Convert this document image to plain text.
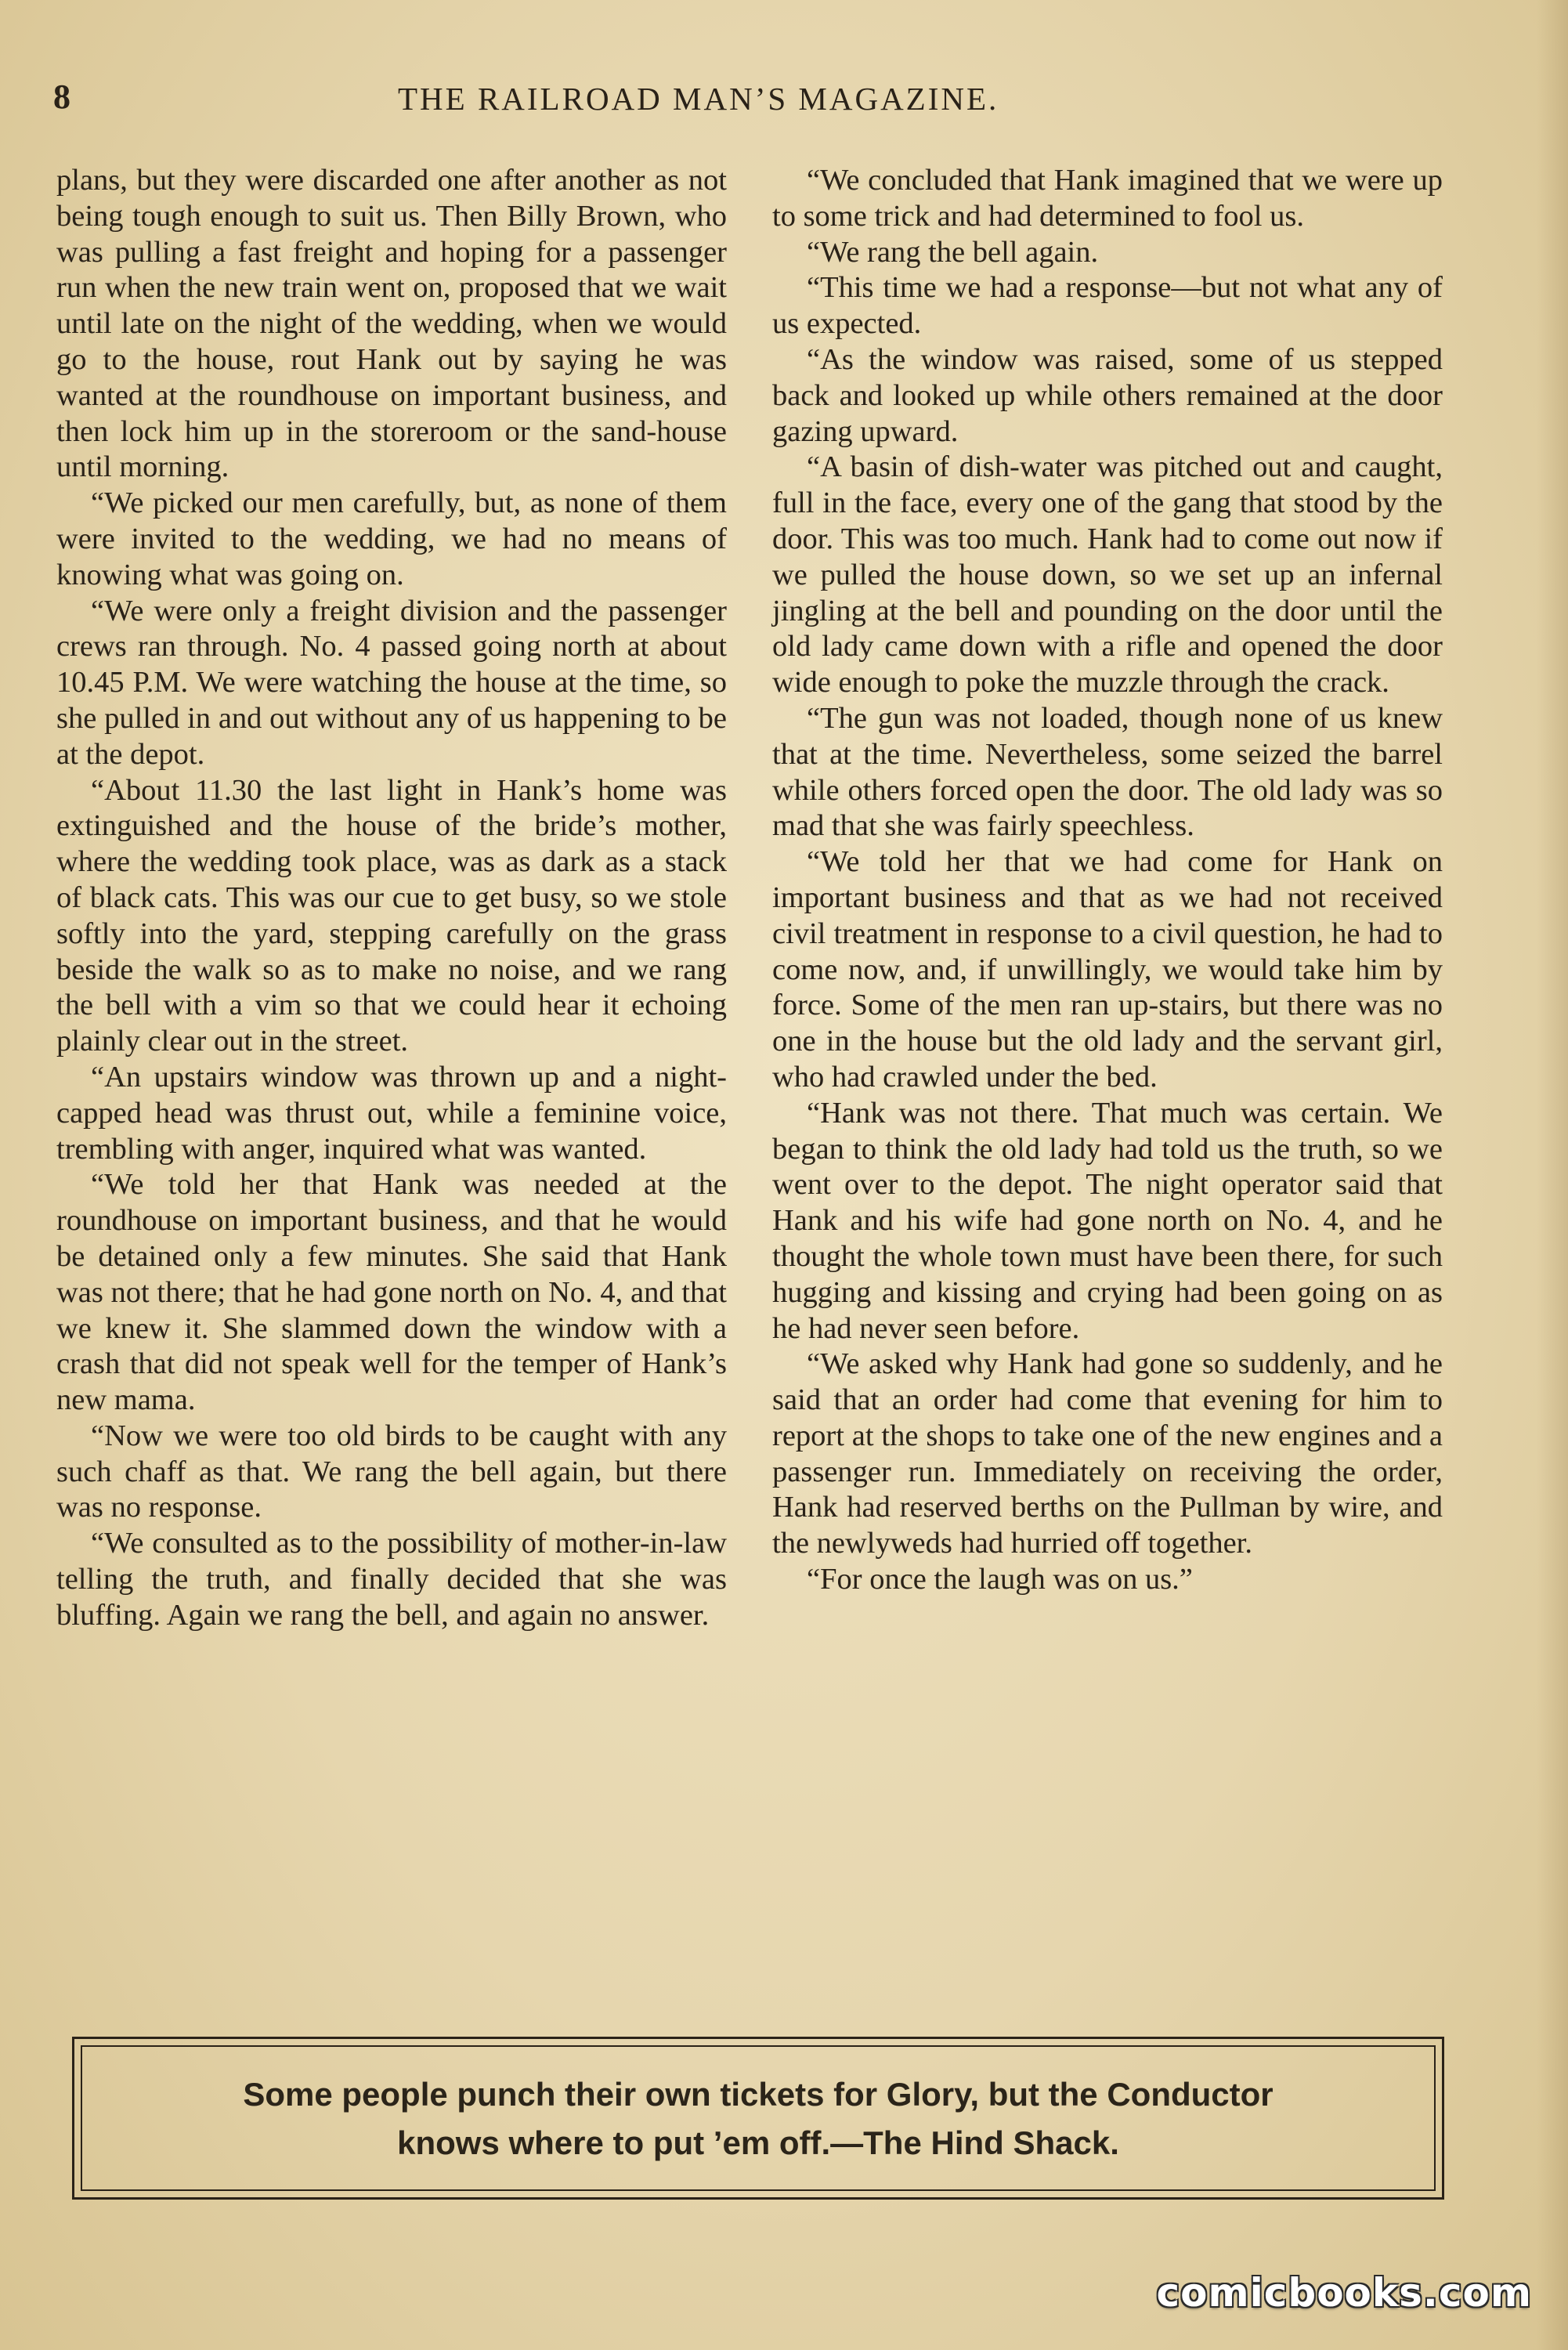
8	THE RAILROAD MAN’S MAGAZINE.

plans, but they were discarded one after another as not being tough enough to suit us. Then Billy Brown, who was pulling a fast freight and hoping for a passenger run when the new train went on, proposed that we wait until late on the night of the wedding, when we would go to the house, rout Hank out by saying he was wanted at the roundhouse on important business, and then lock him up in the storeroom or the sand-house until morning.

“We picked our men carefully, but, as none of them were invited to the wedding, we had no means of knowing what was going on.

“We were only a freight division and the passenger crews ran through. No. 4 passed going north at about 10.45 P.M. We were watching the house at the time, so she pulled in and out without any of us happening to be at the depot.

“About 11.30 the last light in Hank’s home was extinguished and the house of the bride’s mother, where the wedding took place, was as dark as a stack of black cats. This was our cue to get busy, so we stole softly into the yard, stepping carefully on the grass beside the walk so as to make no noise, and we rang the bell with a vim so that we could hear it echoing plainly clear out in the street.

“An upstairs window was thrown up and a night-capped head was thrust out, while a feminine voice, trembling with anger, inquired what was wanted.

“We told her that Hank was needed at the roundhouse on important business, and that he would be detained only a few minutes. She said that Hank was not there; that he had gone north on No. 4, and that we knew it. She slammed down the window with a crash that did not speak well for the temper of Hank’s new mama.

“Now we were too old birds to be caught with any such chaff as that. We rang the bell again, but there was no response.

“We consulted as to the possibility of mother-in-law telling the truth, and finally decided that she was bluffing. Again we rang the bell, and again no answer.

“We concluded that Hank imagined that we were up to some trick and had determined to fool us.

“We rang the bell again.

“This time we had a response—but not what any of us expected.

“As the window was raised, some of us stepped back and looked up while others remained at the door gazing upward.

“A basin of dish-water was pitched out and caught, full in the face, every one of the gang that stood by the door. This was too much. Hank had to come out now if we pulled the house down, so we set up an infernal jingling at the bell and pounding on the door until the old lady came down with a rifle and opened the door wide enough to poke the muzzle through the crack.

“The gun was not loaded, though none of us knew that at the time. Nevertheless, some seized the barrel while others forced open the door. The old lady was so mad that she was fairly speechless.

“We told her that we had come for Hank on important business and that as we had not received civil treatment in response to a civil question, he had to come now, and, if unwillingly, we would take him by force. Some of the men ran up-stairs, but there was no one in the house but the old lady and the servant girl, who had crawled under the bed.

“Hank was not there. That much was certain. We began to think the old lady had told us the truth, so we went over to the depot. The night operator said that Hank and his wife had gone north on No. 4, and he thought the whole town must have been there, for such hugging and kissing and crying had been going on as he had never seen before.

“We asked why Hank had gone so suddenly, and he said that an order had come that evening for him to report at the shops to take one of the new engines and a passenger run. Immediately on receiving the order, Hank had reserved berths on the Pullman by wire, and the newlyweds had hurried off together.

“For once the laugh was on us.”

Some people punch their own tickets for Glory, but the Conductor
knows where to put ’em off.—The Hind Shack.
comicbooks.com
